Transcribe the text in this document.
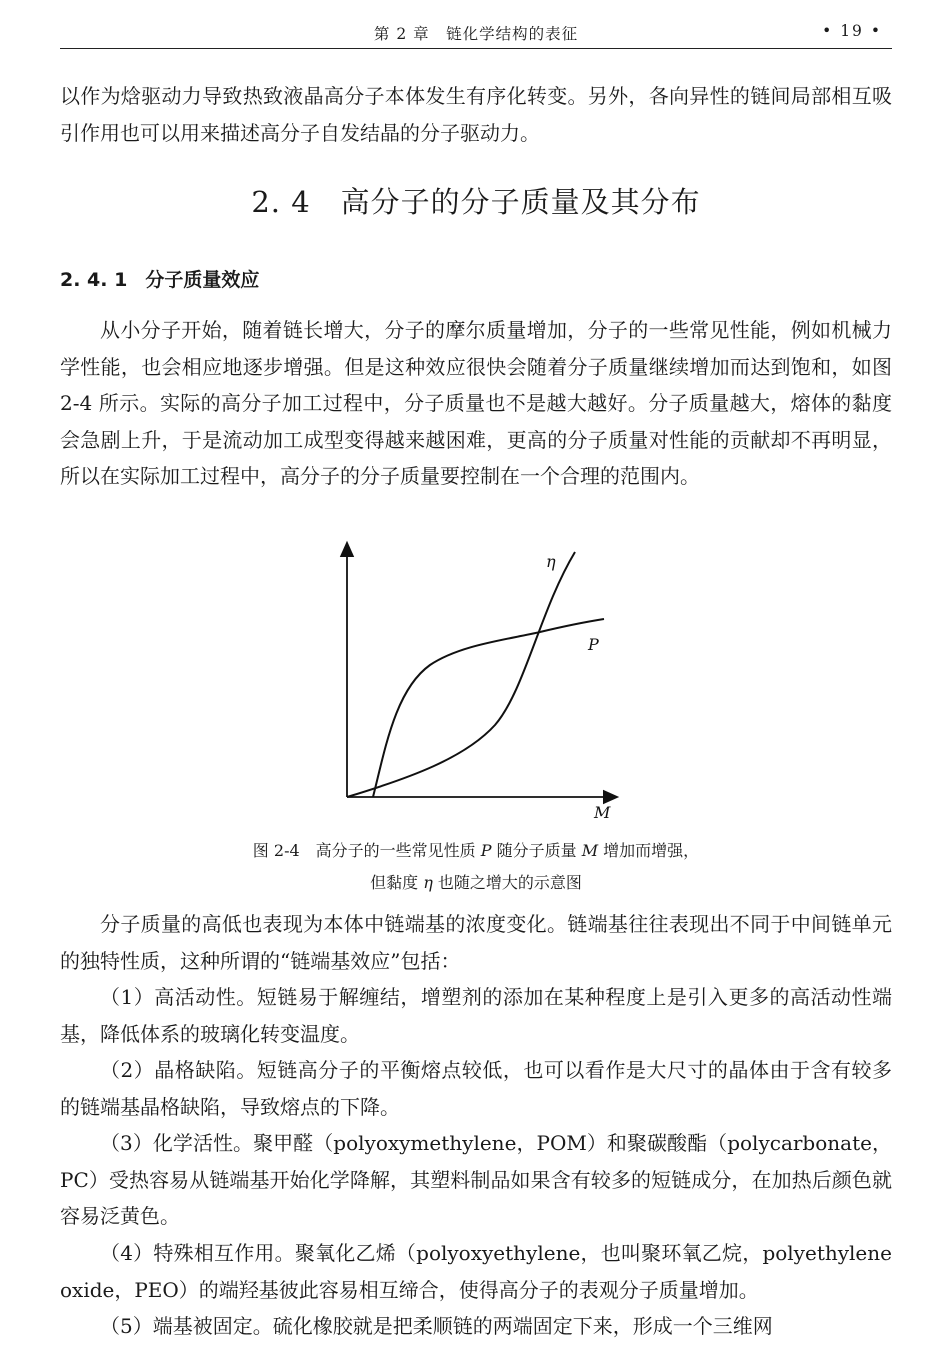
第 2 章　链化学结构的表征	• 19 •

以作为焓驱动力导致热致液晶高分子本体发生有序化转变。另外，各向异性的链间局部相互吸引作用也可以用来描述高分子自发结晶的分子驱动力。

2. 4 高分子的分子质量及其分布
2. 4. 1 分子质量效应

从小分子开始，随着链长增大，分子的摩尔质量增加，分子的一些常见性能，例如机械力学性能，也会相应地逐步增强。但是这种效应很快会随着分子质量继续增加而达到饱和，如图 2-4 所示。实际的高分子加工过程中，分子质量也不是越大越好。分子质量越大，熔体的黏度会急剧上升，于是流动加工成型变得越来越困难，更高的分子质量对性能的贡献却不再明显，所以在实际加工过程中，高分子的分子质量要控制在一个合理的范围内。

η
P
M
图 2-4　高分子的一些常见性质 P 随分子质量 M 增加而增强，
但黏度 η 也随之增大的示意图

分子质量的高低也表现为本体中链端基的浓度变化。链端基往往表现出不同于中间链单元的独特性质，这种所谓的“链端基效应”包括：

（1）高活动性。短链易于解缠结，增塑剂的添加在某种程度上是引入更多的高活动性端基，降低体系的玻璃化转变温度。

（2）晶格缺陷。短链高分子的平衡熔点较低，也可以看作是大尺寸的晶体由于含有较多的链端基晶格缺陷，导致熔点的下降。

（3）化学活性。聚甲醛（polyoxymethylene，POM）和聚碳酸酯（polycarbonate，PC）受热容易从链端基开始化学降解，其塑料制品如果含有较多的短链成分，在加热后颜色就容易泛黄色。

（4）特殊相互作用。聚氧化乙烯（polyoxyethylene，也叫聚环氧乙烷，polyethylene oxide，PEO）的端羟基彼此容易相互缔合，使得高分子的表观分子质量增加。

（5）端基被固定。硫化橡胶就是把柔顺链的两端固定下来，形成一个三维网
